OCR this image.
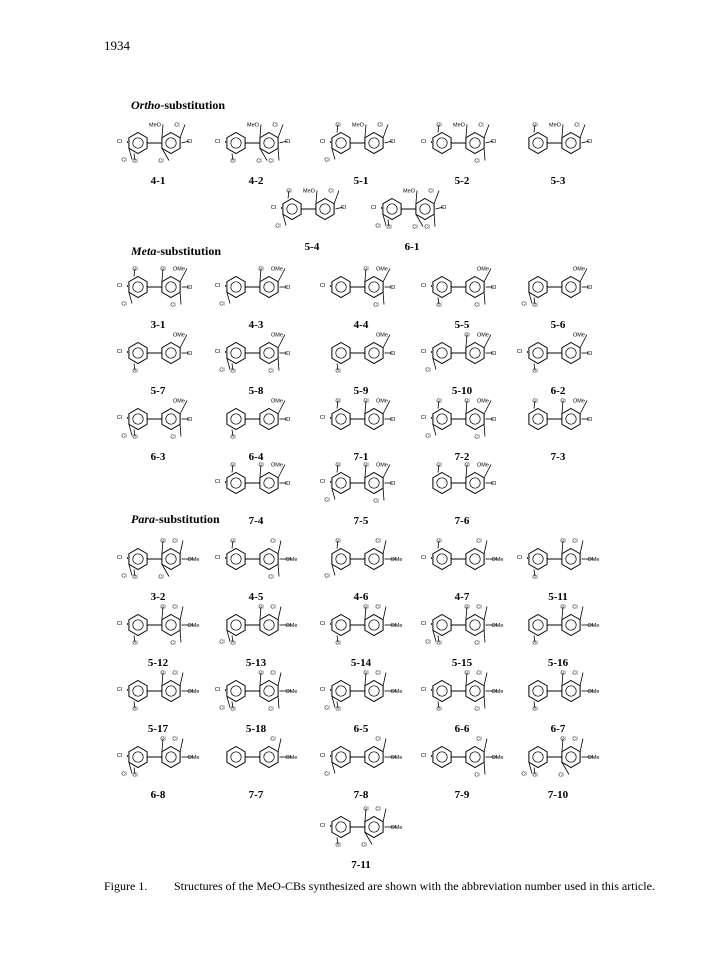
1934
Ortho-substitution
Meta-substitution
Para-substitution
Cl
Cl
Cl
MeO Cl
Cl
Cl
4-1
Cl
Cl
MeO Cl
Cl
Cl
Cl
4-2
Cl
Cl
Cl MeO Cl
Cl
5-1
Cl
Cl MeO Cl
Cl
Cl
5-2
Cl MeO Cl
Cl
5-3
Cl
Cl
Cl MeO Cl
Cl
5-4
Cl
Cl
Cl
MeO Cl
Cl
Cl
Cl
6-1
Cl
Cl
Cl	OMe
Cl
Cl
Cl
3-1
Cl
Cl
OMe
Cl
Cl
4-3
Cl
OMe
Cl
Cl
Cl
4-4
Cl
Cl
OMe
Cl
Cl
5-5
Cl
Cl
OMe
Cl
5-6
Cl
Cl
OMe
Cl
5-7
Cl
Cl
Cl
OMe
Cl
Cl
5-8
Cl
OMe
Cl
5-9
Cl
Cl
OMe
Cl
Cl
5-10
Cl
Cl
OMe
Cl
6-2
Cl
Cl
Cl
OMe
Cl
Cl
6-3
Cl
OMe
Cl
6-4
Cl
Cl	OMe
Cl
Cl
7-1
Cl
Cl
Cl	OMe
Cl
Cl
Cl
7-2
Cl	OMe
Cl
Cl
7-3
Cl
Cl	OMe
Cl
Cl
7-4
Cl
Cl
Cl	OMe
Cl
Cl
Cl
7-5
Cl	OMe
Cl
Cl
7-6
Cl
Cl
Cl
OMe
Cl
Cl
Cl
3-2
Cl
Cl
OMe
Cl
Cl
4-5
Cl
Cl
OMe
Cl
4-6
Cl
Cl
OMe
Cl
4-7
Cl
Cl
OMe
Cl
Cl
5-11
Cl
Cl
OMe
Cl
Cl
Cl
5-12
Cl
Cl
OMe
Cl
Cl
5-13
Cl
Cl
OMe
Cl
Cl
5-14
Cl
Cl
Cl
OMe
Cl
Cl
Cl
5-15
Cl
OMe
Cl
Cl
5-16
Cl
Cl
OMe
Cl
Cl
5-17
Cl
Cl
Cl
OMe
Cl
Cl
Cl
5-18
Cl
Cl
Cl
OMe
Cl
Cl
6-5
Cl
Cl
OMe
Cl
Cl
Cl
6-6
Cl
OMe
Cl
Cl
6-7
Cl
Cl
Cl
OMe
Cl
Cl
6-8
OMe
Cl
7-7
Cl
Cl
OMe
Cl
7-8
Cl	OMe
Cl
Cl
7-9
Cl
Cl
OMe
Cl
Cl
Cl
7-10
Cl
Cl
OMe
Cl
Cl
Cl
7-11
Figure 1. Structures of the MeO-CBs synthesized are shown with the abbreviation number used in this article.
